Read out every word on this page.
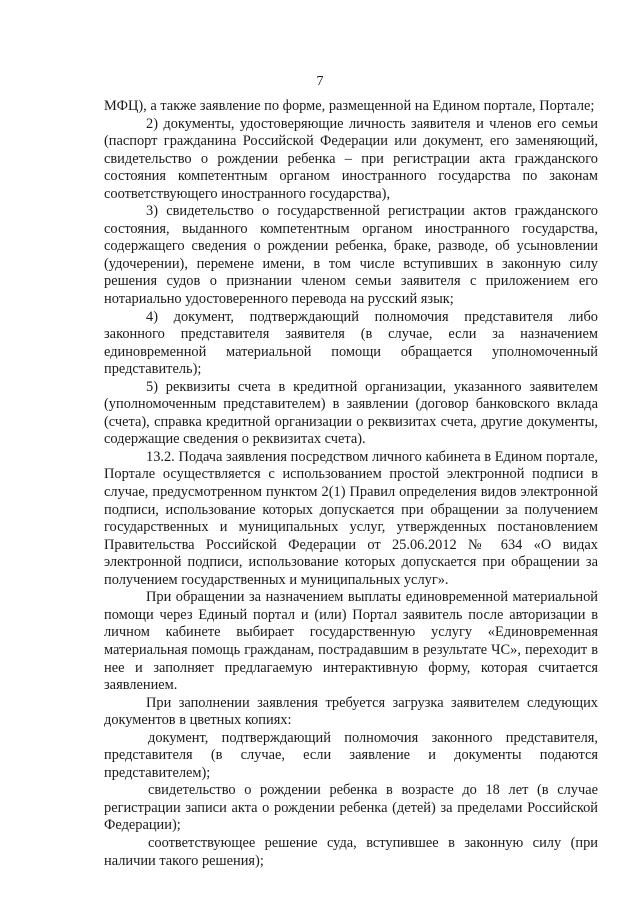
7

МФЦ), а также заявление по форме, размещенной на Едином портале, Портале;

2) документы, удостоверяющие личность заявителя и членов его семьи (паспорт гражданина Российской Федерации или документ, его заменяющий, свидетельство о рождении ребенка – при регистрации акта гражданского состояния компетентным органом иностранного государства по законам соответствующего иностранного государства),

3) свидетельство о государственной регистрации актов гражданского состояния, выданного компетентным органом иностранного государства, содержащего сведения о рождении ребенка, браке, разводе, об усыновлении (удочерении), перемене имени, в том числе вступивших в законную силу решения судов о признании членом семьи заявителя с приложением его нотариально удостоверенного перевода на русский язык;

4) документ, подтверждающий полномочия представителя либо законного представителя заявителя (в случае, если за назначением единовременной материальной помощи обращается уполномоченный представитель);

5) реквизиты счета в кредитной организации, указанного заявителем (уполномоченным представителем) в заявлении (договор банковского вклада (счета), справка кредитной организации о реквизитах счета, другие документы, содержащие сведения о реквизитах счета).

13.2. Подача заявления посредством личного кабинета в Едином портале, Портале осуществляется с использованием простой электронной подписи в случае, предусмотренном пунктом 2(1) Правил определения видов электронной подписи, использование которых допускается при обращении за получением государственных и муниципальных услуг, утвержденных постановлением Правительства Российской Федерации от 25.06.2012 № 634 «О видах электронной подписи, использование которых допускается при обращении за получением государственных и муниципальных услуг».

При обращении за назначением выплаты единовременной материальной помощи через Единый портал и (или) Портал заявитель после авторизации в личном кабинете выбирает государственную услугу «Единовременная материальная помощь гражданам, пострадавшим в результате ЧС», переходит в нее и заполняет предлагаемую интерактивную форму, которая считается заявлением.

При заполнении заявления требуется загрузка заявителем следующих документов в цветных копиях:

документ, подтверждающий полномочия законного представителя, представителя (в случае, если заявление и документы подаются представителем);

свидетельство о рождении ребенка в возрасте до 18 лет (в случае регистрации записи акта о рождении ребенка (детей) за пределами Российской Федерации);

соответствующее решение суда, вступившее в законную силу (при наличии такого решения);
